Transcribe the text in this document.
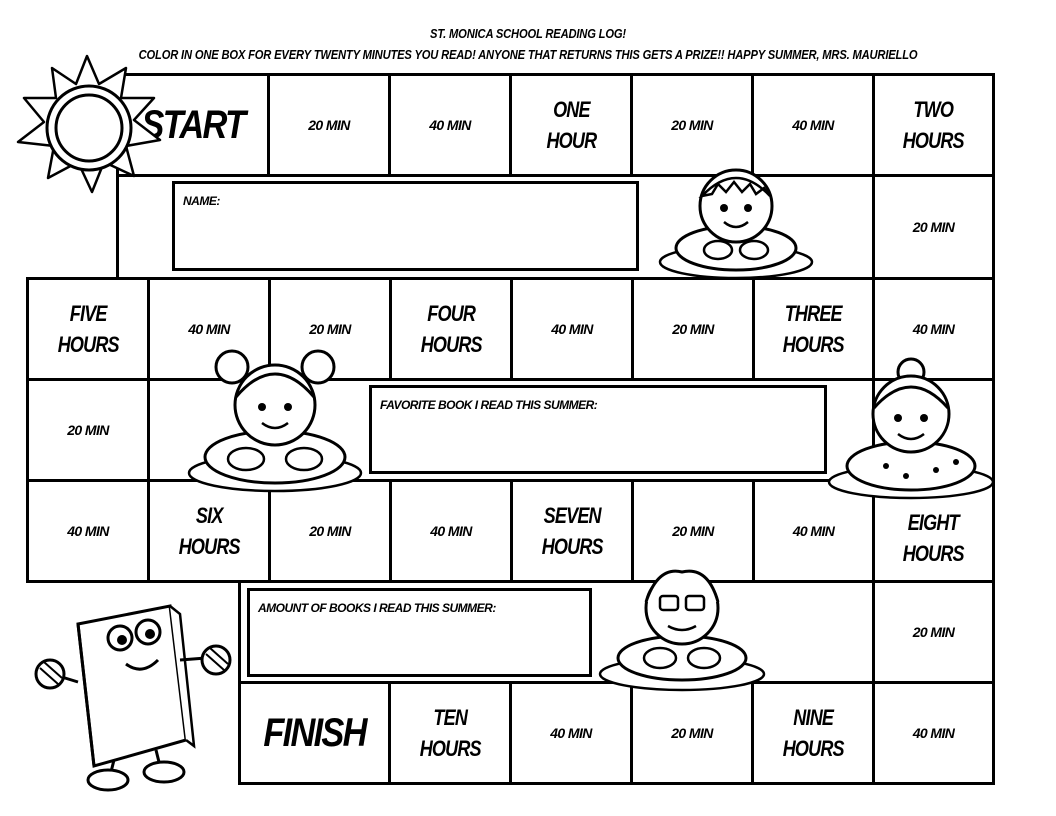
ST. MONICA SCHOOL READING LOG!
COLOR IN ONE BOX FOR EVERY TWENTY MINUTES YOU READ! ANYONE THAT RETURNS THIS GETS A PRIZE!! HAPPY SUMMER, MRS. MAURIELLO
START	20 MIN	40 MIN
ONE
HOUR
20 MIN	40 MIN
TWO
HOURS
20 MIN
FIVE
HOURS
40 MIN	20 MIN
FOUR
HOURS
40 MIN	20 MIN
THREE
HOURS
40 MIN
20 MIN
40 MIN
SIX
HOURS
20 MIN	40 MIN
SEVEN
HOURS
20 MIN	40 MIN	EIGHT
HOURS
20 MIN
FINISH	TEN
HOURS
40 MIN	20 MIN
NINE
HOURS
40 MIN
NAME:
FAVORITE BOOK I READ THIS SUMMER:
AMOUNT OF BOOKS I READ THIS SUMMER:
